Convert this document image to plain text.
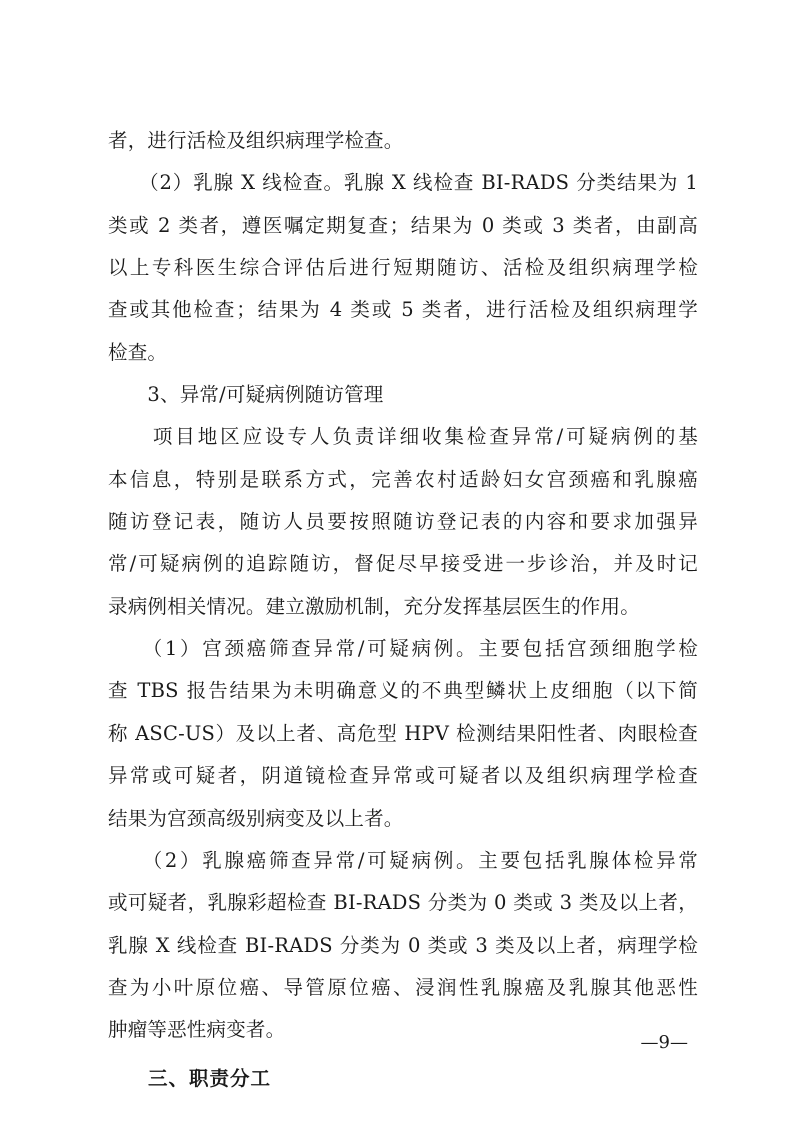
者，进行活检及组织病理学检查。
　　（2）乳腺 X 线检查。乳腺 X 线检查 BI-RADS 分类结果为 1
类或 2 类者，遵医嘱定期复查；结果为 0 类或 3 类者，由副高
以上专科医生综合评估后进行短期随访、活检及组织病理学检
查或其他检查；结果为 4 类或 5 类者，进行活检及组织病理学
检查。
　　3、异常/可疑病例随访管理
　　项目地区应设专人负责详细收集检查异常/可疑病例的基
本信息，特别是联系方式，完善农村适龄妇女宫颈癌和乳腺癌
随访登记表，随访人员要按照随访登记表的内容和要求加强异
常/可疑病例的追踪随访，督促尽早接受进一步诊治，并及时记
录病例相关情况。建立激励机制，充分发挥基层医生的作用。
　　（1）宫颈癌筛查异常/可疑病例。主要包括宫颈细胞学检
查 TBS 报告结果为未明确意义的不典型鳞状上皮细胞（以下简
称 ASC-US）及以上者、高危型 HPV 检测结果阳性者、肉眼检查
异常或可疑者，阴道镜检查异常或可疑者以及组织病理学检查
结果为宫颈高级别病变及以上者。
　　（2）乳腺癌筛查异常/可疑病例。主要包括乳腺体检异常
或可疑者，乳腺彩超检查 BI-RADS 分类为 0 类或 3 类及以上者，
乳腺 X 线检查 BI-RADS 分类为 0 类或 3 类及以上者，病理学检
查为小叶原位癌、导管原位癌、浸润性乳腺癌及乳腺其他恶性
肿瘤等恶性病变者。
三、职责分工
—9—
